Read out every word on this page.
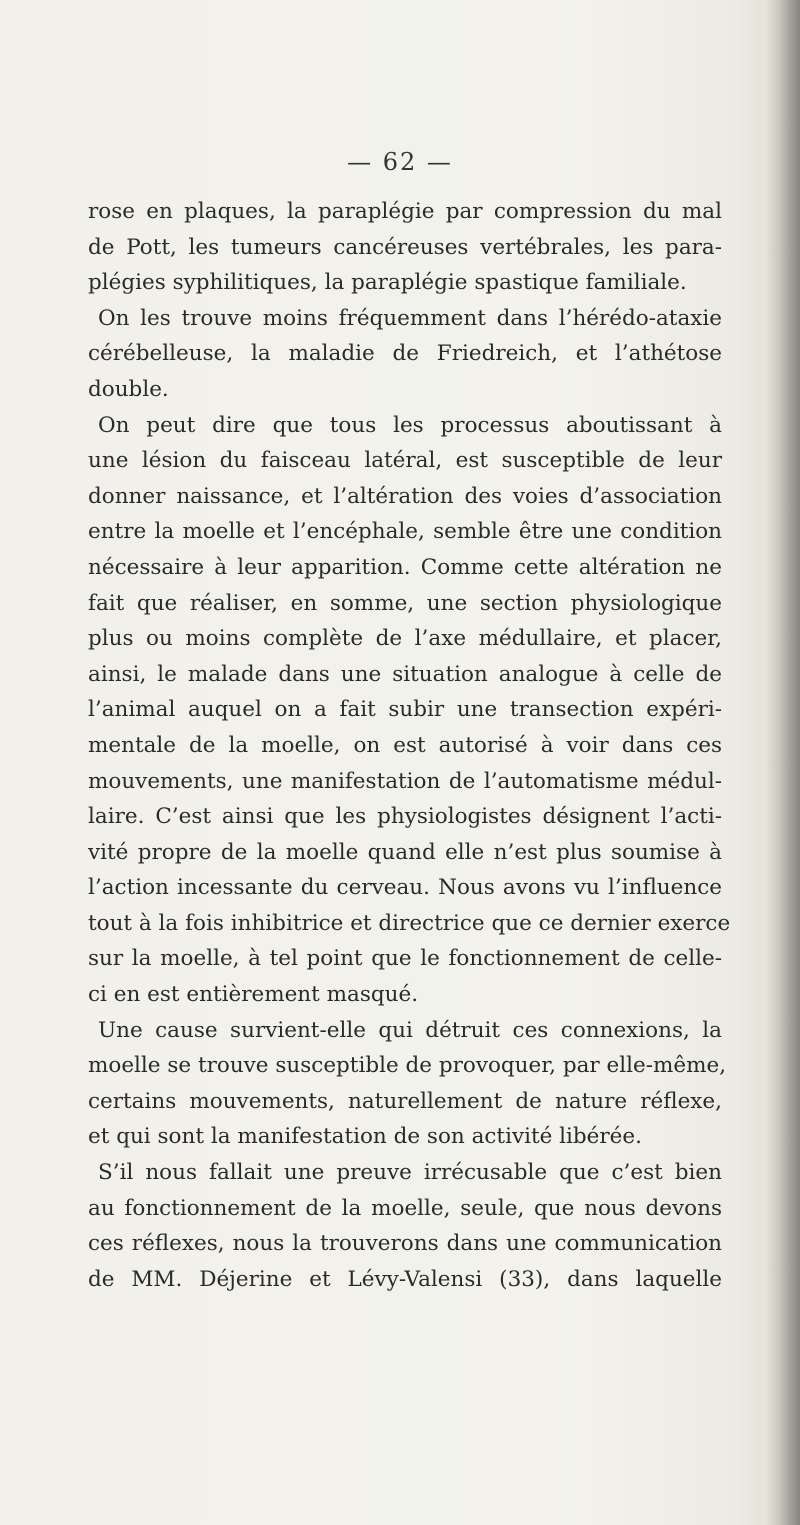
— 62 —
rose en plaques, la paraplégie par compression du mal
de Pott, les tumeurs cancéreuses vertébrales, les para-
plégies syphilitiques, la paraplégie spastique familiale.
On les trouve moins fréquemment dans l’hérédo-ataxie
cérébelleuse, la maladie de Friedreich, et l’athétose
double.
On peut dire que tous les processus aboutissant à
une lésion du faisceau latéral, est susceptible de leur
donner naissance, et l’altération des voies d’association
entre la moelle et l’encéphale, semble être une condition
nécessaire à leur apparition. Comme cette altération ne
fait que réaliser, en somme, une section physiologique
plus ou moins complète de l’axe médullaire, et placer,
ainsi, le malade dans une situation analogue à celle de
l’animal auquel on a fait subir une transection expéri-
mentale de la moelle, on est autorisé à voir dans ces
mouvements, une manifestation de l’automatisme médul-
laire. C’est ainsi que les physiologistes désignent l’acti-
vité propre de la moelle quand elle n’est plus soumise à
l’action incessante du cerveau. Nous avons vu l’influence
tout à la fois inhibitrice et directrice que ce dernier exerce
sur la moelle, à tel point que le fonctionnement de celle-
ci en est entièrement masqué.
Une cause survient-elle qui détruit ces connexions, la
moelle se trouve susceptible de provoquer, par elle-même,
certains mouvements, naturellement de nature réflexe,
et qui sont la manifestation de son activité libérée.
S’il nous fallait une preuve irrécusable que c’est bien
au fonctionnement de la moelle, seule, que nous devons
ces réflexes, nous la trouverons dans une communication
de MM. Déjerine et Lévy-Valensi (33), dans laquelle
